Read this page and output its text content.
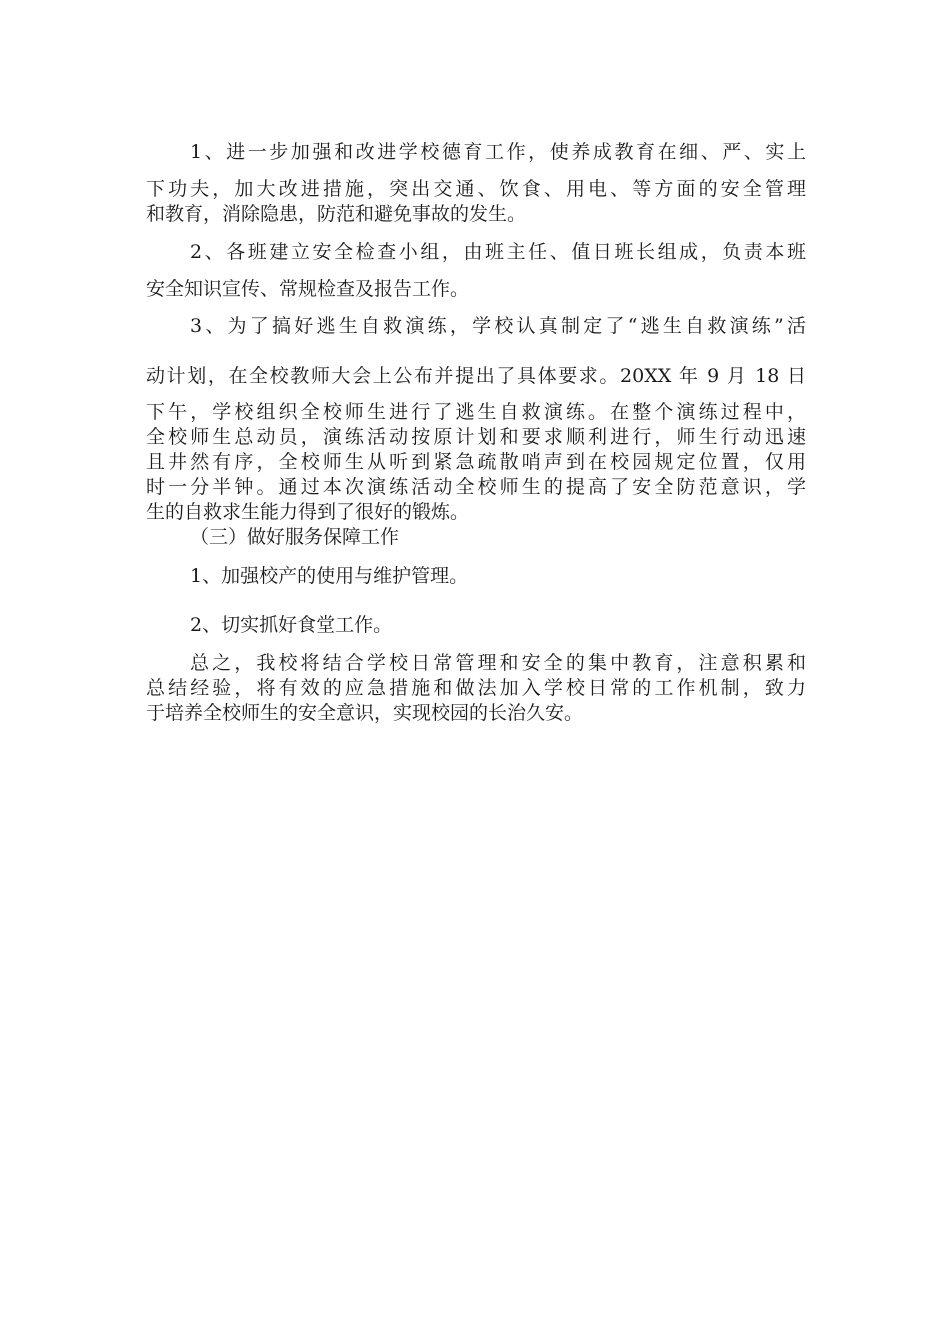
1、进一步加强和改进学校德育工作，使养成教育在细、严、实上
下功夫，加大改进措施，突出交通、饮食、用电、等方面的安全管理
和教育，消除隐患，防范和避免事故的发生。
2、各班建立安全检查小组，由班主任、值日班长组成，负责本班
安全知识宣传、常规检查及报告工作。
3、为了搞好逃生自救演练，学校认真制定了“逃生自救演练”活
动计划，在全校教师大会上公布并提出了具体要求。20XX 年 9 月 18 日
下午，学校组织全校师生进行了逃生自救演练。在整个演练过程中，
全校师生总动员，演练活动按原计划和要求顺利进行，师生行动迅速
且井然有序，全校师生从听到紧急疏散哨声到在校园规定位置，仅用
时一分半钟。通过本次演练活动全校师生的提高了安全防范意识，学
生的自救求生能力得到了很好的锻炼。
（三）做好服务保障工作
1、加强校产的使用与维护管理。
2、切实抓好食堂工作。
总之，我校将结合学校日常管理和安全的集中教育，注意积累和
总结经验，将有效的应急措施和做法加入学校日常的工作机制，致力
于培养全校师生的安全意识，实现校园的长治久安。
